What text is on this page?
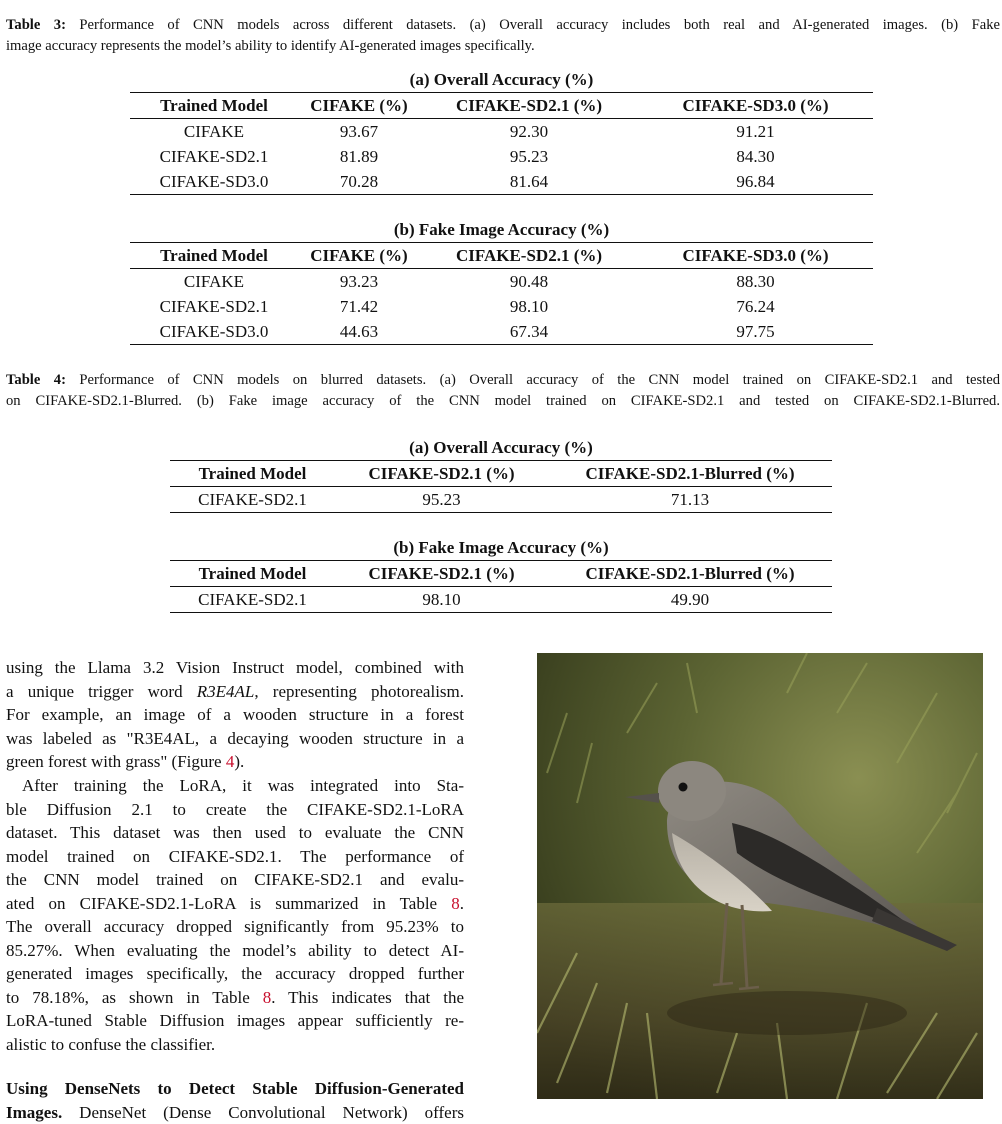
Table 3: Performance of CNN models across different datasets. (a) Overall accuracy includes both real and AI-generated images. (b) Fake
image accuracy represents the model’s ability to identify AI-generated images specifically.
(a) Overall Accuracy (%)
Trained Model	CIFAKE (%)	CIFAKE-SD2.1 (%)	CIFAKE-SD3.0 (%)
CIFAKE	93.67	92.30	91.21
CIFAKE-SD2.1	81.89	95.23	84.30
CIFAKE-SD3.0	70.28	81.64	96.84
(b) Fake Image Accuracy (%)
Trained Model	CIFAKE (%)	CIFAKE-SD2.1 (%)	CIFAKE-SD3.0 (%)
CIFAKE	93.23	90.48	88.30
CIFAKE-SD2.1	71.42	98.10	76.24
CIFAKE-SD3.0	44.63	67.34	97.75
Table 4: Performance of CNN models on blurred datasets. (a) Overall accuracy of the CNN model trained on CIFAKE-SD2.1 and tested
on CIFAKE-SD2.1-Blurred. (b) Fake image accuracy of the CNN model trained on CIFAKE-SD2.1 and tested on CIFAKE-SD2.1-Blurred.
(a) Overall Accuracy (%)
Trained Model	CIFAKE-SD2.1 (%)	CIFAKE-SD2.1-Blurred (%)
CIFAKE-SD2.1	95.23	71.13
(b) Fake Image Accuracy (%)
Trained Model	CIFAKE-SD2.1 (%)	CIFAKE-SD2.1-Blurred (%)
CIFAKE-SD2.1	98.10	49.90
using the Llama 3.2 Vision Instruct model, combined with
a unique trigger word R3E4AL, representing photorealism.
For example, an image of a wooden structure in a forest
was labeled as "R3E4AL, a decaying wooden structure in a
green forest with grass" (Figure 4).
After training the LoRA, it was integrated into Sta-
ble Diffusion 2.1 to create the CIFAKE-SD2.1-LoRA
dataset. This dataset was then used to evaluate the CNN
model trained on CIFAKE-SD2.1. The performance of
the CNN model trained on CIFAKE-SD2.1 and evalu-
ated on CIFAKE-SD2.1-LoRA is summarized in Table 8.
The overall accuracy dropped significantly from 95.23% to
85.27%. When evaluating the model’s ability to detect AI-
generated images specifically, the accuracy dropped further
to 78.18%, as shown in Table 8. This indicates that the
LoRA-tuned Stable Diffusion images appear sufficiently re-
alistic to confuse the classifier.
Using DenseNets to Detect Stable Diffusion-Generated
Images. DenseNet (Dense Convolutional Network) offers
